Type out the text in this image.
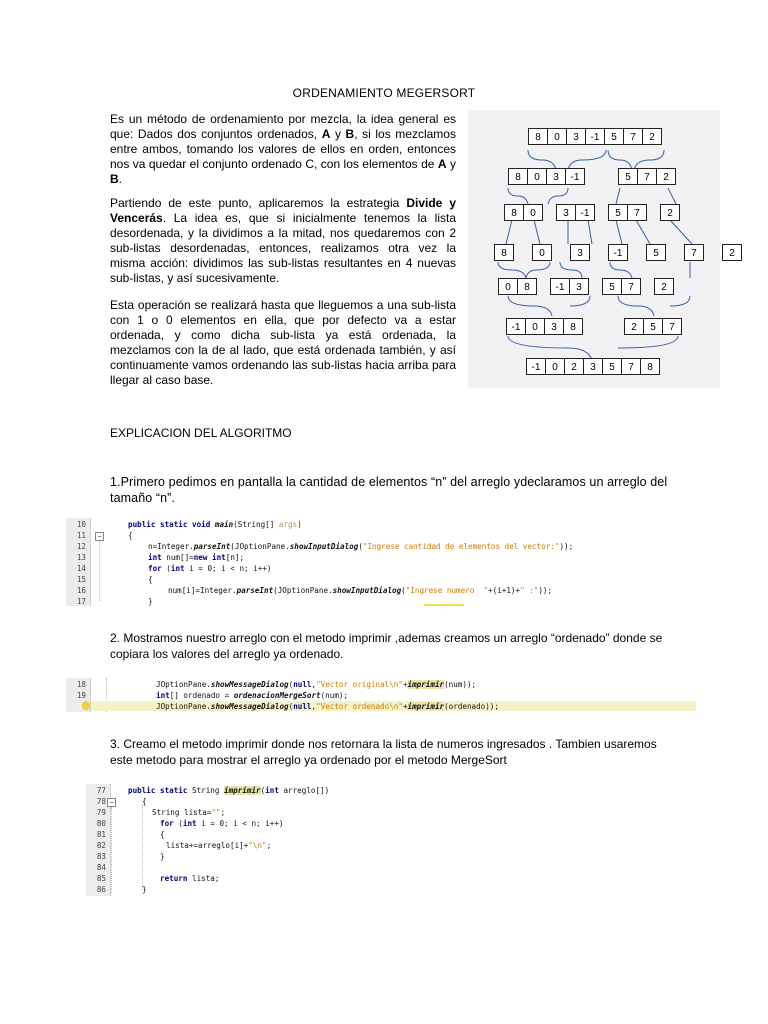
ORDENAMIENTO MEGERSORT
Es un método de ordenamiento por mezcla, la idea general es que: Dados dos conjuntos ordenados, A y B, si los mezclamos entre ambos, tomando los valores de ellos en orden, entonces nos va quedar el conjunto ordenado C, con los elementos de A y B.
Partiendo de este punto, aplicaremos la estrategia Divide y Vencerás. La idea es, que si inicialmente tenemos la lista desordenada, y la dividimos a la mitad, nos quedaremos con 2 sub-listas desordenadas, entonces, realizamos otra vez la misma acción: dividimos las sub-listas resultantes en 4 nuevas sub-listas, y así sucesivamente.
Esta operación se realizará hasta que lleguemos a una sub-lista con 1 o 0 elementos en ella, que por defecto va a estar ordenada, y como dicha sub-lista ya está ordenada, la mezclamos con la de al lado, que está ordenada también, y así continuamente vamos ordenando las sub-listas hacia arriba para llegar al caso base.
8	0	3	-1	5	7	2
8	0	3	-1	5	7	2
8	0	3	-1	5	7	2
8	0	3	-1	5	7	2
0	8	-1	3	5	7	2
-1	0	3	8	2	5	7
-1	0	2	3	5	7	8
EXPLICACION DEL ALGORITMO
1.Primero pedimos en pantalla la cantidad de elementos “n” del arreglo ydeclaramos un arreglo del tamaño “n”.
−
10
11
12
13
14
15
16
17
public static void main(String[] args)
{
n=Integer.parseInt(JOptionPane.showInputDialog("Ingrese cantidad de elementos del vector:"));
int num[]=new int[n];
for (int i = 0; i < n; i++)
{
num[i]=Integer.parseInt(JOptionPane.showInputDialog("Ingrese numero  "+(i+1)+" :"));
}
2. Mostramos nuestro arreglo con el metodo imprimir ,ademas creamos un arreglo “ordenado” donde se copiara los valores del arreglo ya ordenado.
18
19
JOptionPane.showMessageDialog(null,"Vector original\n"+imprimir(num));
int[] ordenado = ordenacionMergeSort(num);
JOptionPane.showMessageDialog(null,"Vector ordenado\n"+imprimir(ordenado));
3. Creamo el metodo imprimir donde nos retornara la lista de numeros ingresados . Tambien usaremos este metodo para mostrar el arreglo ya ordenado por el metodo MergeSort
−
77
78
79
80
81
82
83
84
85
86
public static String imprimir(int arreglo[])
{
String lista="";
for (int i = 0; i < n; i++)
{
lista+=arreglo[i]+"\n";
}
return lista;
}
